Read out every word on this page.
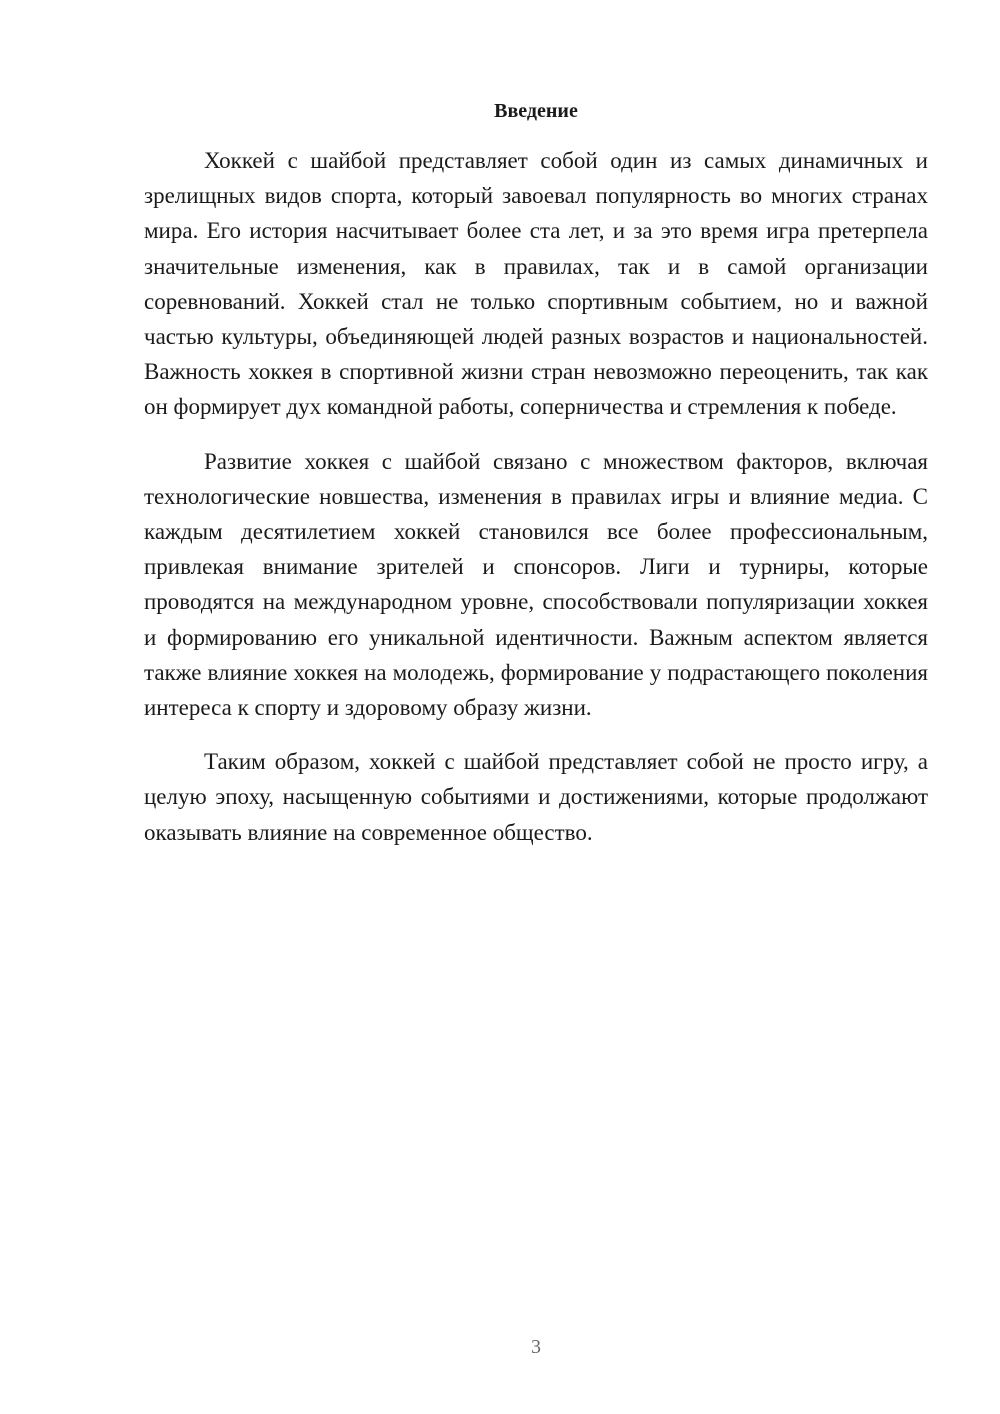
Введение

Хоккей с шайбой представляет собой один из самых динамичных и зрелищных видов спорта, который завоевал популярность во многих странах мира. Его история насчитывает более ста лет, и за это время игра претерпела значительные изменения, как в правилах, так и в самой организации соревнований. Хоккей стал не только спортивным событием, но и важной частью культуры, объединяющей людей разных возрастов и национальностей. Важность хоккея в спортивной жизни стран невозможно переоценить, так как он формирует дух командной работы, соперничества и стремления к победе.

Развитие хоккея с шайбой связано с множеством факторов, включая технологические новшества, изменения в правилах игры и влияние медиа. С каждым десятилетием хоккей становился все более профессиональным, привлекая внимание зрителей и спонсоров. Лиги и турниры, которые проводятся на международном уровне, способствовали популяризации хоккея и формированию его уникальной идентичности. Важным аспектом является также влияние хоккея на молодежь, формирование у подрастающего поколения интереса к спорту и здоровому образу жизни.

Таким образом, хоккей с шайбой представляет собой не просто игру, а целую эпоху, насыщенную событиями и достижениями, которые продолжают оказывать влияние на современное общество.

3
